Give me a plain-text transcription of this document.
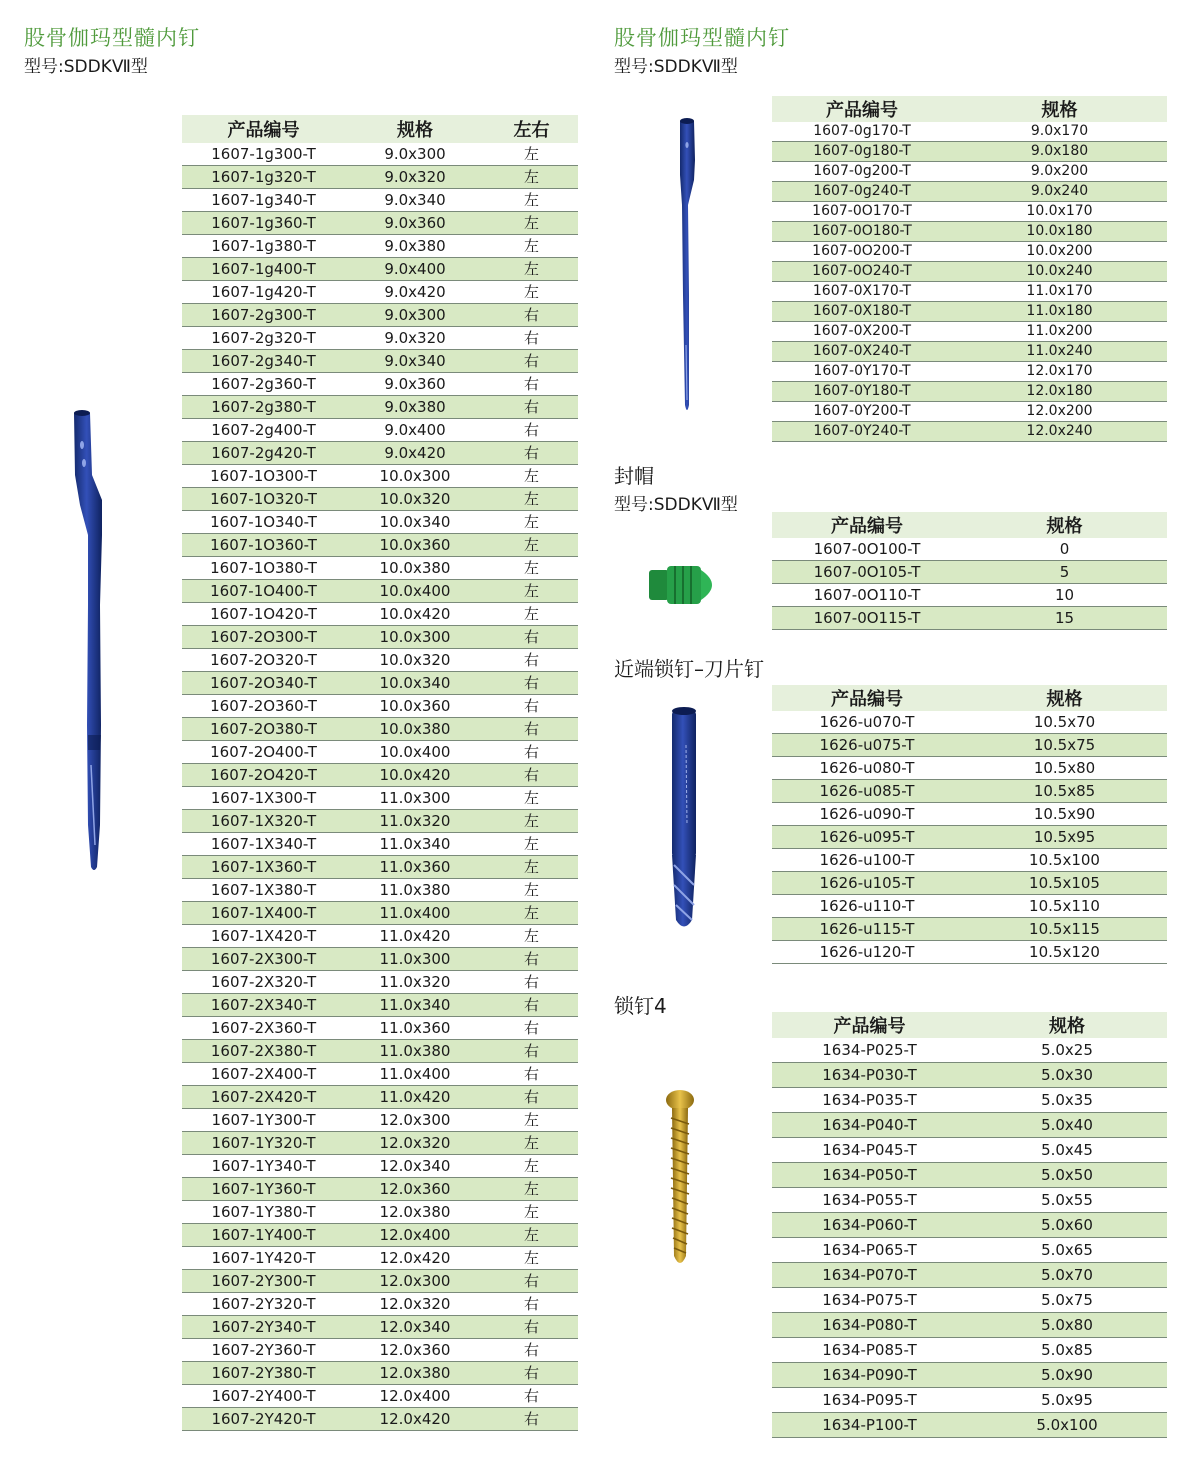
股骨伽玛型髓内钉
型号:SDDKⅦ型
产品编号	规格	左右
1607-1g300-T	9.0x300	左
1607-1g320-T	9.0x320	左
1607-1g340-T	9.0x340	左
1607-1g360-T	9.0x360	左
1607-1g380-T	9.0x380	左
1607-1g400-T	9.0x400	左
1607-1g420-T	9.0x420	左
1607-2g300-T	9.0x300	右
1607-2g320-T	9.0x320	右
1607-2g340-T	9.0x340	右
1607-2g360-T	9.0x360	右
1607-2g380-T	9.0x380	右
1607-2g400-T	9.0x400	右
1607-2g420-T	9.0x420	右
1607-1O300-T	10.0x300	左
1607-1O320-T	10.0x320	左
1607-1O340-T	10.0x340	左
1607-1O360-T	10.0x360	左
1607-1O380-T	10.0x380	左
1607-1O400-T	10.0x400	左
1607-1O420-T	10.0x420	左
1607-2O300-T	10.0x300	右
1607-2O320-T	10.0x320	右
1607-2O340-T	10.0x340	右
1607-2O360-T	10.0x360	右
1607-2O380-T	10.0x380	右
1607-2O400-T	10.0x400	右
1607-2O420-T	10.0x420	右
1607-1X300-T	11.0x300	左
1607-1X320-T	11.0x320	左
1607-1X340-T	11.0x340	左
1607-1X360-T	11.0x360	左
1607-1X380-T	11.0x380	左
1607-1X400-T	11.0x400	左
1607-1X420-T	11.0x420	左
1607-2X300-T	11.0x300	右
1607-2X320-T	11.0x320	右
1607-2X340-T	11.0x340	右
1607-2X360-T	11.0x360	右
1607-2X380-T	11.0x380	右
1607-2X400-T	11.0x400	右
1607-2X420-T	11.0x420	右
1607-1Y300-T	12.0x300	左
1607-1Y320-T	12.0x320	左
1607-1Y340-T	12.0x340	左
1607-1Y360-T	12.0x360	左
1607-1Y380-T	12.0x380	左
1607-1Y400-T	12.0x400	左
1607-1Y420-T	12.0x420	左
1607-2Y300-T	12.0x300	右
1607-2Y320-T	12.0x320	右
1607-2Y340-T	12.0x340	右
1607-2Y360-T	12.0x360	右
1607-2Y380-T	12.0x380	右
1607-2Y400-T	12.0x400	右
1607-2Y420-T	12.0x420	右
股骨伽玛型髓内钉
型号:SDDKⅦ型
产品编号	规格
1607-0g170-T	9.0x170
1607-0g180-T	9.0x180
1607-0g200-T	9.0x200
1607-0g240-T	9.0x240
1607-0O170-T	10.0x170
1607-0O180-T	10.0x180
1607-0O200-T	10.0x200
1607-0O240-T	10.0x240
1607-0X170-T	11.0x170
1607-0X180-T	11.0x180
1607-0X200-T	11.0x200
1607-0X240-T	11.0x240
1607-0Y170-T	12.0x170
1607-0Y180-T	12.0x180
1607-0Y200-T	12.0x200
1607-0Y240-T	12.0x240
封帽
型号:SDDKⅦ型
产品编号	规格
1607-0O100-T	0
1607-0O105-T	5
1607-0O110-T	10
1607-0O115-T	15
近端锁钉–刀片钉
产品编号	规格
1626-u070-T	10.5x70
1626-u075-T	10.5x75
1626-u080-T	10.5x80
1626-u085-T	10.5x85
1626-u090-T	10.5x90
1626-u095-T	10.5x95
1626-u100-T	10.5x100
1626-u105-T	10.5x105
1626-u110-T	10.5x110
1626-u115-T	10.5x115
1626-u120-T	10.5x120
锁钉4
产品编号	规格
1634-P025-T	5.0x25
1634-P030-T	5.0x30
1634-P035-T	5.0x35
1634-P040-T	5.0x40
1634-P045-T	5.0x45
1634-P050-T	5.0x50
1634-P055-T	5.0x55
1634-P060-T	5.0x60
1634-P065-T	5.0x65
1634-P070-T	5.0x70
1634-P075-T	5.0x75
1634-P080-T	5.0x80
1634-P085-T	5.0x85
1634-P090-T	5.0x90
1634-P095-T	5.0x95
1634-P100-T	5.0x100
